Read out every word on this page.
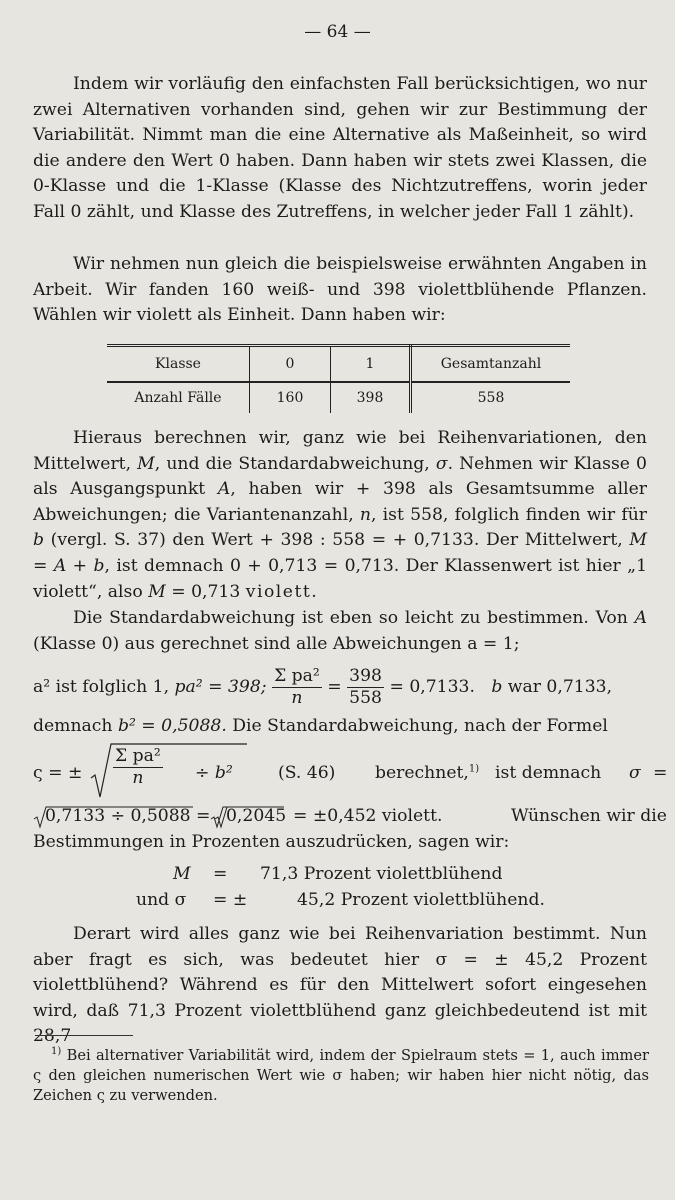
— 64 —

Indem wir vorläufig den einfachsten Fall berücksichtigen, wo nur zwei Alternativen vorhanden sind, gehen wir zur Bestimmung der Variabilität. Nimmt man die eine Alternative als Maßeinheit, so wird die andere den Wert 0 haben. Dann haben wir stets zwei Klassen, die 0-Klasse und die 1-Klasse (Klasse des Nichtzutreffens, worin jeder Fall 0 zählt, und Klasse des Zutreffens, in welcher jeder Fall 1 zählt).

Wir nehmen nun gleich die beispielsweise erwähnten Angaben in Arbeit. Wir fanden 160 weiß- und 398 violettblühende Pflanzen. Wählen wir violett als Einheit. Dann haben wir:

Klasse	0	1	Gesamtanzahl
Anzahl Fälle	160	398	558

Hieraus berechnen wir, ganz wie bei Reihenvariationen, den Mittelwert, M, und die Standardabweichung, σ. Nehmen wir Klasse 0 als Ausgangspunkt A, haben wir + 398 als Gesamtsumme aller Abweichungen; die Variantenanzahl, n, ist 558, folglich finden wir für b (vergl. S. 37) den Wert + 398 : 558 = + 0,7133. Der Mittelwert, M = A + b, ist demnach 0 + 0,713 = 0,713. Der Klassenwert ist hier „1 violett“, also M = 0,713 violett.

Die Standardabweichung ist eben so leicht zu bestimmen. Von A (Klasse 0) aus gerechnet sind alle Abweichungen a = 1;

a² ist folglich 1, pa² = 398; $\frac{\text{Σ pa²}}{n} = \frac{398}{558} = 0,7133$. b war 0,7133,
demnach b² = 0,5088. Die Standardabweichung, nach der Formel
ς = ± $\frac{\text{Σ pa²}}{n} \div b^2$	(S. 46) berechnet,$^{1)}$ ist demnach σ =
0,7133 ÷ 0,5088 = 0,2045 = ±0,452 violett.	Wünschen wir die
Bestimmungen in Prozenten auszudrücken, sagen wir:
M = 71,3 Prozent violettblühend
und σ = ±	45,2 Prozent violettblühend.

Derart wird alles ganz wie bei Reihenvariation bestimmt. Nun aber fragt es sich, was bedeutet hier σ = ± 45,2 Prozent violettblühend? Während es für den Mittelwert sofort eingesehen wird, daß 71,3 Prozent violettblühend ganz gleichbedeutend ist mit 28,7

$^{1)}$ Bei alternativer Variabilität wird, indem der Spielraum stets = 1, auch immer ς den gleichen numerischen Wert wie σ haben; wir haben hier nicht nötig, das Zeichen ς zu verwenden.
